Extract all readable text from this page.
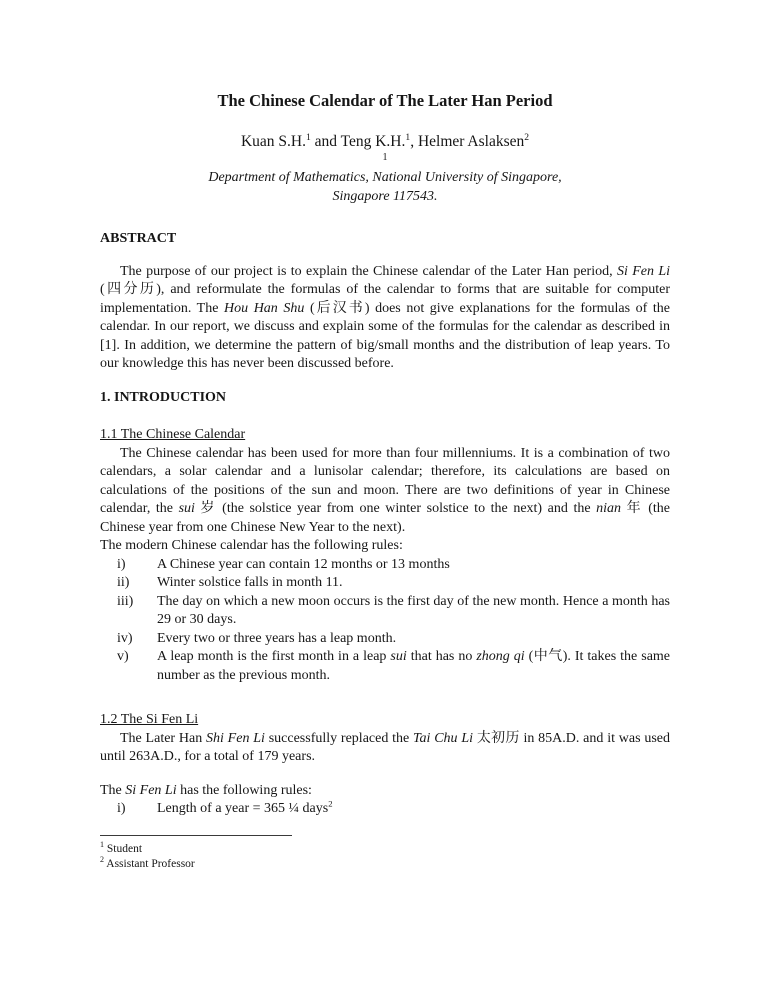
The Chinese Calendar of The Later Han Period
Kuan S.H.$^1$ and Teng K.H.$^1$, Helmer Aslaksen$^2$
1
Department of Mathematics, National University of Singapore,
Singapore 117543.
ABSTRACT

The purpose of our project is to explain the Chinese calendar of the Later Han period, Si Fen Li (四分历), and reformulate the formulas of the calendar to forms that are suitable for computer implementation. The Hou Han Shu (后汉书) does not give explanations for the formulas of the calendar. In our report, we discuss and explain some of the formulas for the calendar as described in [1]. In addition, we determine the pattern of big/small months and the distribution of leap years. To our knowledge this has never been discussed before.

1. INTRODUCTION
1.1 The Chinese Calendar

The Chinese calendar has been used for more than four millenniums. It is a combination of two calendars, a solar calendar and a lunisolar calendar; therefore, its calculations are based on calculations of the positions of the sun and moon. There are two definitions of year in Chinese calendar, the sui 岁 (the solstice year from one winter solstice to the next) and the nian 年 (the Chinese year from one Chinese New Year to the next).

The modern Chinese calendar has the following rules:

i)	A Chinese year can contain 12 months or 13 months
ii)	Winter solstice falls in month 11.
iii)	The day on which a new moon occurs is the first day of the new month. Hence a month has 29 or 30 days.
iv)	Every two or three years has a leap month.
v)	A leap month is the first month in a leap sui that has no zhong qi (中气). It takes the same number as the previous month.
1.2 The Si Fen Li

The Later Han Shi Fen Li successfully replaced the Tai Chu Li 太初历 in 85A.D. and it was used until 263A.D., for a total of 179 years.

The Si Fen Li has the following rules:

i)	Length of a year = 365 ¼ days$^2$
$^1$ Student
$^2$ Assistant Professor
